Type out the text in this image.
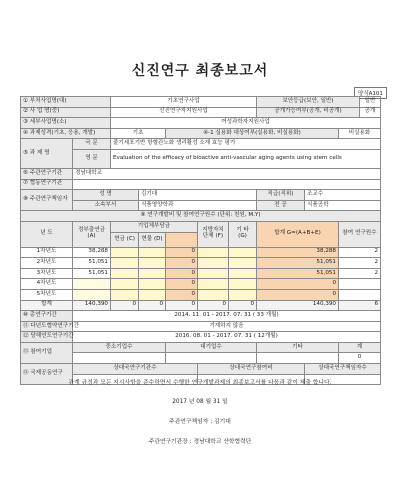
신진연구 최종보고서
양식A101
① 부처사업명(대)		기초연구사업					보안등급(보안, 일반)			일반
② 사 업 명(중)		신진연구자지원사업					공개가능여부(공개, 비공개)			공개
③ 세부사업명(소)		여성과학자지원사업								
④ 과제성격(기초, 응용, 개발)		기초		④-1 실용화 대상여부(실용화, 비실용화)					비실용화	
⑤ 과 제 명	국 문	줄기세포기반 항혈관노화 생리활성 소재 효능 평가								
	영 문	Evaluation of the efficacy of bioactive anti-vascular aging agents using stem cells								
⑥ 주관연구기관	경남대학교									
⑦ 협동연구기관										
⑧ 주관연구책임자	성 명		김기대				직급(직위)	조교수		
	소속부서		식품영양학과				전 공	식품공학		
⑨ 연구개발비 및 참여연구원수 (단위: 천원, M.Y)										
년 도	정부출연금 (A)	기업체부담금			지방자치 단체 (F)	기 타 (G)	합계 G=(A+B+E)		참여 연구원수	
		현금 (C)	현물 (D)							
1차년도	38,288			0			38,288		2	
2차년도	51,051			0			51,051		2	
3차년도	51,051			0			51,051		2	
4차년도				0			0			
5차년도				0			0			
합계	140,390	0	0	0	0	0	140,390		6	
⑩ 총연구기간	2014. 11. 01 - 2017. 07. 31 ( 33 개월)									
⑪ 다년도협약연구기간	기재하지 않음									
⑫ 당해연도연구기간	2016. 08. 01 - 2017. 07. 31 ( 12개월)									
⑬ 참여기업	중소기업수			대기업수			기타		계	
									0	
⑭ 국제공동연구	상대국연구기관수				상대국연구참여비			상대국연구책임자수		

관계 규정과 모든 지시사항을 준수하면서 수행한 연구개발과제의 최종보고서를 다음과 같이 제출 합니다.
2017 년 08 월 31 일
주관연구책임자 : 김기대
주관연구기관장 : 경남대학교 산학협력단
